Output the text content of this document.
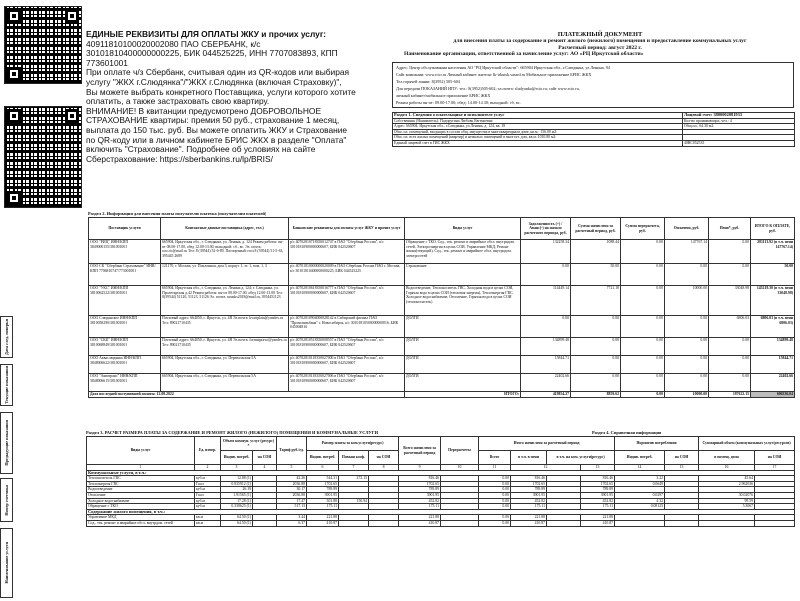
ЕДИНЫЕ РЕКВИЗИТЫ ДЛЯ ОПЛАТЫ ЖКУ и прочих услуг:

40911810100020002080 ПАО СБЕРБАНК, к/с

30101810400000000225, БИК 044525225, ИНН 7707083893, КПП

773601001

При оплате ч/з Сбербанк, считывая один из QR-кодов или выбирая

услугу "ЖКХ г.Слюдянка"/"ЖКХ г.Слюдянка (включая Страховку)",

Вы можете выбрать конкретного Поставщика, услуги которого хотите

оплатить, а также застраховать свою квартиру.

ВНИМАНИЕ! В квитанции предусмотрено ДОБРОВОЛЬНОЕ

СТРАХОВАНИЕ квартиры: премия 50 руб., страхование 1 месяц,

выплата до 150 тыс. руб. Вы можете оплатить ЖКУ и Страхование

по QR-коду или в личном кабинете БРИС ЖКХ в разделе "Оплата"

включить "Страхование". Подробнее об условиях на сайте

Сберстрахование: https://sberbankins.ru/lp/BRIS/

ПЛАТЕЖНЫЙ ДОКУМЕНТ
для внесения платы за содержание и ремонт жилого (нежилого) помещения и предоставление коммунальных услуг
Расчетный период: август 2022 г.
Наименование организации, ответственной за начисление услуг: АО «РЦ Иркутской области»
Адрес: Центр обслуживания населения АО "РЦ Иркутской области": 665904 Иркутская обл., г.Слюдянка, ул.Ленина, 94
Сайт компании: www.rcio.ru Личный кабинет жителя: lk-irkutsk.sarard.ru Мобильное приложение БРИС ЖКХ
Тел.горячей линии: 8(3952) 505-604
Для передачи ПОКАЗАНИЙ ИПУ: тел.: 8(3952)505-602; эл.почта: sludyanka@rcio.ru; сайт www.rcio.ru,
личный кабинет/мобильное приложение БРИС ЖКХ
Режим работы пн-пт: 09.00-17.00; обед: 14.00-14.30; выходной: сб, вс.
Раздел 1. Сведения о плательщике и исполнителе услуг	Лицевой счет: 3800002081933
Собственник (Наниматель): Подпругина Любовь Евгеньевна	Кол-во проживающих, чел.: 4
Адрес: 665904, Иркутская обл., г.Слюдянка, ул.Ленина, д. 124, кв. 18	Общ.пл., 64.30 м2:
Обш. пл. помещений, входящих в состав общ. имущества в многоквартирном доме, кв.м.: 156.00 м2:	
Обш. пл. всех жилых помещений (квартир) и нежилых помещений в многоэт. дом, кв.м.:1010.80 м2:	
Единый лицевой счет в ГИС ЖКХ	40ВС052535
Раздел 2. Информация для внесения платы получателю платежа (получателям платежей)
Поставщик услуги	Контактные данные поставщика (адрес, тел.)	Банковские реквизиты для оплаты услуг ЖКУ и прочих услуг	Виды услуг	Задолженность (+) /Аванс(-) на начало расчетного периода, руб.	Сумма начислено за расчетный период, руб.	Сумма перерасчета, руб.	Оплачено, руб.	Пени*, руб.	ИТОГО К ОПЛАТЕ, руб.
ООО "РИЦ" ИНН/КПП 3849000155/381001001	665904, Иркутская обл., г. Слюдянка, ул. Ленина, д. 124 Режим работы: пн-пт 08.00-17.00, обед 12.00-13.00, выходной: сб., вс. Эл. почта: ooo.ric@mail.ru Тел: 8 (39544) 52-6-89, Паспортный стол 8 (39544) 51-5-63, 395445 2689	р/с 40702810718350012747 в ПАО "Сбербанк России", к/с 30101810900000000607, БИК 042520607	Обращение с ТКО, Сод., тек. ремонт и аварийное обсл. внутридом. сетей, Электроэнергия в целях СОИ, Управление МКД, Ремонт жилья(текущий), Сод., тек. ремонт и аварийное обсл. внутридом. электросетей	132258.34	1088.44	0.00	147767.14	0.00	281113.92 (в т.ч. пени 147767.14)
ООО СК "Сбербанк Страхование" ИНН/КПП 7706810747/773001001	121170, г. Москва, ул. Поклонная, дом 3, корпус 1, эт. 1, пом. 1, 3	р/с 40701810000000020009 в ПАО Сбербанк России ПАО г. Москва, к/с 30101810400000000225, БИК 044525225	Страхование	0.00	50.00	0.00	0.00	0.00	50.00
ООО "УКС" ИНН/КПП 3810062522/381001001	665904, Иркутская обл., г. Слюдянка, ул. Ленина д. 124; г. Слюдянка, ул. Пролетарская д.42 Режим работы: пн-пт 08.00-17.00, обед 12.00-13.00 Тел: 8(39544) 51120, 51123, 51126 Эл. почта: uzuuks2018@mail.ru, 3954451123	р/с 40702810618350016777 в ПАО "Сбербанк России", к/с 30101810900000000607, БИК 042520607	Водоотведение, Теплоноситель ГВС, Холодная вода в целях СОИ, Горячая вода в целях СОИ (тепловая энергия), Теплоэнергия ГВС, Холодное водоснабжение, Отопление, Горячая вода в целях СОИ (теплоноситель)	114449.14	7721.18	0.00	10000.00	33048.98	145219.30 (в т.ч. пени 33048.98)
ООО Слюдянское ИНН/КПП 3810058290/381001001	Почтовый адрес: 664050, г. Иркутск, ул. 4Я Эл.почта: kvartplata@yandex.ru Тел: 89021710435	р/с 40702810904000028142 в Сибирский филиал ПАО "Промсвязьбанк" г. Новосибирск, к/с 30101810500000000816, БИК 045004816	ДОЛГИ	0.00	0.00	0.00	0.00	6806.03	6806.03 (в т.ч. пени 6806.03)
ООО "СКК" ИНН/КПП 3810068849/381001001	Почтовый адрес: 664050, г. Иркутск, ул. 4Я Эл.почта: formatpravo@yandex.ru Тел: 89021710435	р/с 40702810518350008557 в ПАО "Сбербанк России", к/с 30101810900000000607, БИК 042520607	ДОЛГИ	134899.48	0.00	0.00	0.00	0.00	134899.48
ООО Акваслюдянка ИНН/КПП 3848006622/381001001	665904, Иркутская обл., г. Слюдянка, ул. Перевальская 5А	р/с 40702810118350027000 в ПАО "Сбербанк России", к/с 30101810900000000607, БИК 042520607	ДОЛГИ	15844.71	0.00	0.00	0.00	0.00	15844.71
ООО "Акватранс" ИНН/КПП 3848006615/381001001	665904, Иркутская обл., г. Слюдянка, ул. Перевальская 5А	р/с 40702810118350027006 в ПАО "Сбербанк России", к/с 30101810900000000607, БИК 042520607	ДОЛГИ	22402.66	0.00	0.00	0.00	0.00	22402.66
Дата последней поступившей оплаты: 12.08.2022			ИТОГО:	419854.27	8859.62	0.00	10000.00	187622.15	606336.04
Дата след. поверки
Текущие показания
Предыдущие показания
Номер счетчика
Наименование услуги
Раздел 3. РАСЧЕТ РАЗМЕРА ПЛАТЫ ЗА СОДЕРЖАНИЕ И РЕМОНТ ЖИЛОГО (НЕЖИЛОГО) ПОМЕЩЕНИЯ И КОММУНАЛЬНЫЕ УСЛУГИ	Раздел 4. Справочная информация
Виды услуг	Ед. измер.	Объем коммун. услуг (ресурс) *		Тариф руб./ед.	Размер платы за ком.услуги(ресурс)			Всего начислено за расчетный период	Перерасчеты	Итого начислено за расчетный период				Норматив потребления		Суммарный объем (коммунальных услуг/ресурсов)	
		Индив. потреб.	на СОИ		Индив. потреб.	Повыш коэф.	на СОИ			Всего	в т.ч. в пени	в т.ч. на ком. услуги(ресурс)		Индив. потреб.	на СОИ	в помещ. дома	на СОИ
1	2	3	4	5	6	7	8	9	10	11	12		13	14	15	16	17
Коммунальные услуги, в т.ч.:																	
Теплоноситель ГВС	куб.м	12.88 (1)		42.26	544.31	272.15		816.46		0.00	816.46		816.46	3.22		45.64	
Теплоэнергия ГВС	Гкал	0.835912 (1)		2036.88	1702.65			1702.65		0.00	1702.65		1702.65	0.0649		2.962036	
Водоотведение	куб.м	26.19		30.17	789.89			789.89		0.00	789.89		789.89				
Отопление	Гкал	1.91565 (1)		2036.88	3901.95			3901.95		0.00	3901.95		3901.95	0.0297		30.02076	
Холодное водоснабжение	куб.м	17.28 (1)		17.47	301.88	150.94		452.82		0.00	452.82		452.82	4.32		99.59	
Обращение с ТКО	куб.м	0.338625 (1)		517.13	175.11			175.11		0.00	175.11		175.11	0.08125		5.3067	
Содержание жилого помещения, в т.ч.:																	
Управление МКД	кв.м	64.50 (1)		3.44	221.88			221.88		0.00	221.88		221.88				
Сод., тек. ремонт и аварийное обсл. внутрдом. сетей	кв.м	64.50 (1)		6.37	410.87			410.87		0.00	410.87		410.87				
